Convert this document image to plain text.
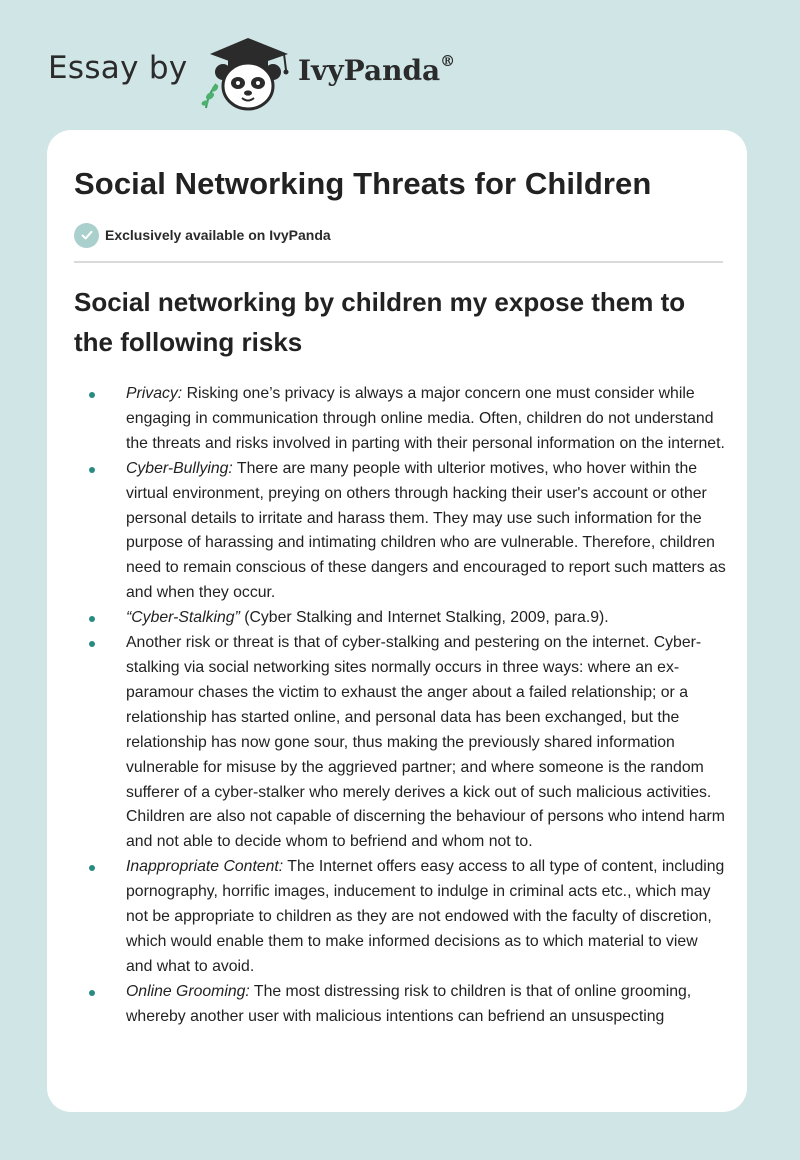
Essay by	IvyPanda®
Social Networking Threats for Children
Exclusively available on IvyPanda
Social networking by children my expose them to the following risks
Privacy: Risking one’s privacy is always a major concern one must consider while engaging in communication through online media. Often, children do not understand the threats and risks involved in parting with their personal information on the internet.
Cyber-Bullying: There are many people with ulterior motives, who hover within the virtual environment, preying on others through hacking their user's account or other personal details to irritate and harass them. They may use such information for the purpose of harassing and intimating children who are vulnerable. Therefore, children need to remain conscious of these dangers and encouraged to report such matters as and when they occur.
“Cyber-Stalking” (Cyber Stalking and Internet Stalking, 2009, para.9).
Another risk or threat is that of cyber-stalking and pestering on the internet. Cyber-stalking via social networking sites normally occurs in three ways: where an ex-paramour chases the victim to exhaust the anger about a failed relationship; or a relationship has started online, and personal data has been exchanged, but the relationship has now gone sour, thus making the previously shared information vulnerable for misuse by the aggrieved partner; and where someone is the random sufferer of a cyber-stalker who merely derives a kick out of such malicious activities. Children are also not capable of discerning the behaviour of persons who intend harm and not able to decide whom to befriend and whom not to.
Inappropriate Content: The Internet offers easy access to all type of content, including pornography, horrific images, inducement to indulge in criminal acts etc., which may not be appropriate to children as they are not endowed with the faculty of discretion, which would enable them to make informed decisions as to which material to view and what to avoid.
Online Grooming: The most distressing risk to children is that of online grooming, whereby another user with malicious intentions can befriend an unsuspecting
